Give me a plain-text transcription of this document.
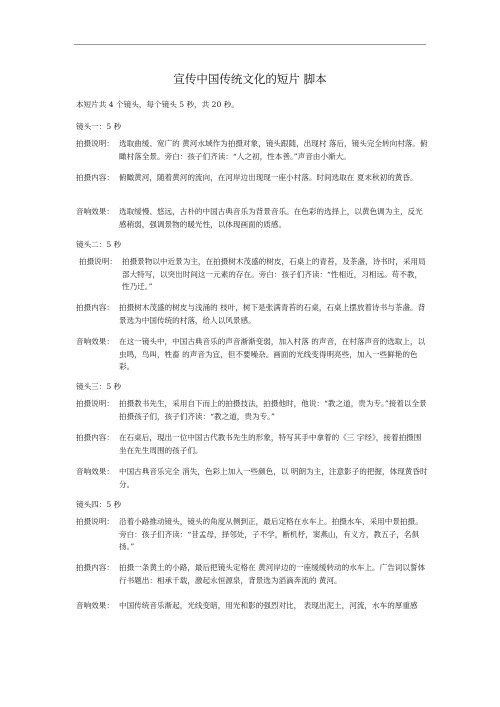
宣传中国传统文化的短片 脚本
本短片共 4 个镜头，每个镜头 5 秒，共 20 秒。
镜头一：5 秒
拍摄说明： 选取曲缓、宽广的 黄河水域作为拍摄对象，镜头跟随，出现村 落后，镜头完全转向村落。俯瞰村落全景。旁白：孩子们齐读：“人之初，性本善。”声音由小渐大。
拍摄内容： 俯瞰黄河，随着黄河的流向，在河岸边出现现一座小村落。时间选取在 夏末秋初的黄昏。
音响效果： 选取缓慢、悠远，古朴的中国古典音乐为背景音乐。在色彩的选择上，以黄色调为主，反光感稍弱，强调景物的暖光性，以体现画面的质感。
镜头二：5 秒
拍摄说明： 拍摄景物以中近景为主，在拍摄树木茂盛的树皮，石桌上的青苔，及茶盏，诗书时，采用局部大特写，以突出时间这一元素的存在。旁白：孩子们齐读：“性相近，习相远。苟不教，性乃迁。”
拍摄内容： 拍摄树木茂盛的树皮与浅涌的 枝叶，树下是张满青苔的石桌，石桌上摆放着诗书与茶盏。背景选为中国传统的村落，给人以风景感。
音响效果： 在这一镜头中，中国古典音乐的声音渐渐变弱，加入村落 的声音，在村落声音的选取上，以虫鸣，鸟叫，牲畜 的声音为宜，但不要噪杂。画面的光线变得明亮些，加入一些鲜艳的色彩。
镜头三：5 秒
拍摄说明： 拍摄教书先生，采用自下而上的拍摄技法，拍摄他时，他说：“教之道，贵为专。”接着以全景拍摄孩子们，孩子们齐读：“教之道，贵为专。”
拍摄内容： 在石桌后，現出一位中国古代教书先生的形象，特写其手中拿着的《三 字经》，接着拍摄围坐在先生周围的孩子们。
音响效果： 中国古典音乐完全 消失，色彩上加入一些颜色，以 明朗为主，注意影子的把握，体现黄昏时分。
镜头四：5 秒
拍摄说明： 沿着小路推动镜头，镜头的角度从侧到正，最后定格在水车上。拍摄水车，采用中景拍摄。旁白：孩子们齐读：“昔孟母，择邻处，子不学，断机杼，窦燕山，有义方，教五子，名俱扬。”
拍摄内容： 拍摄一条黄土的小路，最后把镜头定格在 黄河岸边的一座缓缓转动的水车上。广告词以誓体行书题出：相承千载，激起永恒源泉，背景选为滔滴奔流的 黄河。
音响效果： 中国传统音乐渐起，光线变暗，用光和影的强烈对比， 表现出泥土，河流，水车的厚重感
